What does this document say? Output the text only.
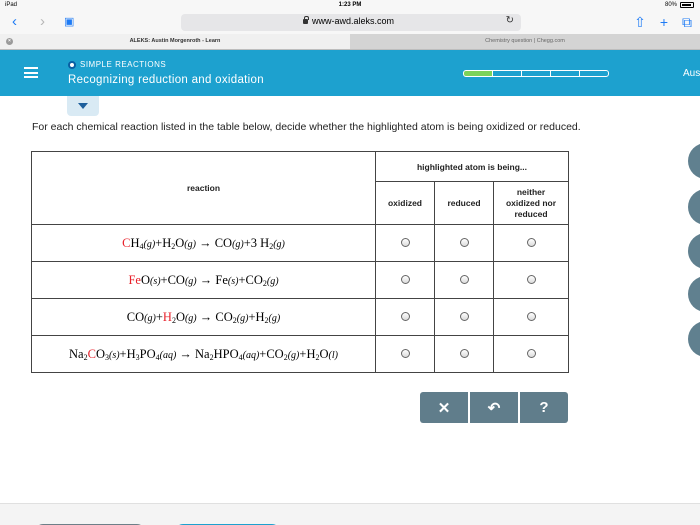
iPad	1:23 PM	80%
‹ › ▣	www-awd.aleks.com	↻	⇧ + ⧉
×	ALEKS: Austin Morgenroth - Learn	Chemistry question | Chegg.com
SIMPLE REACTIONS
Recognizing reduction and oxidation
Aus
For each chemical reaction listed in the table below, decide whether the highlighted atom is being oxidized or reduced.
reaction	highlighted atom is being...		
	oxidized	reduced	neither oxidized nor reduced
$CH_4(g)+H_2O(g) \to CO(g)+3$ $H_2(g)$			
$FeO(s)+CO(g) \to Fe(s)+CO_2(g)$			
$CO(g)+H_2O(g) \to CO_2(g)+H_2(g)$			
$Na_2CO_3(s)+H_3PO_4(aq) \to Na_2HPO_4(aq)+CO_2(g)+H_2O(l)$			
✕	↶	?
